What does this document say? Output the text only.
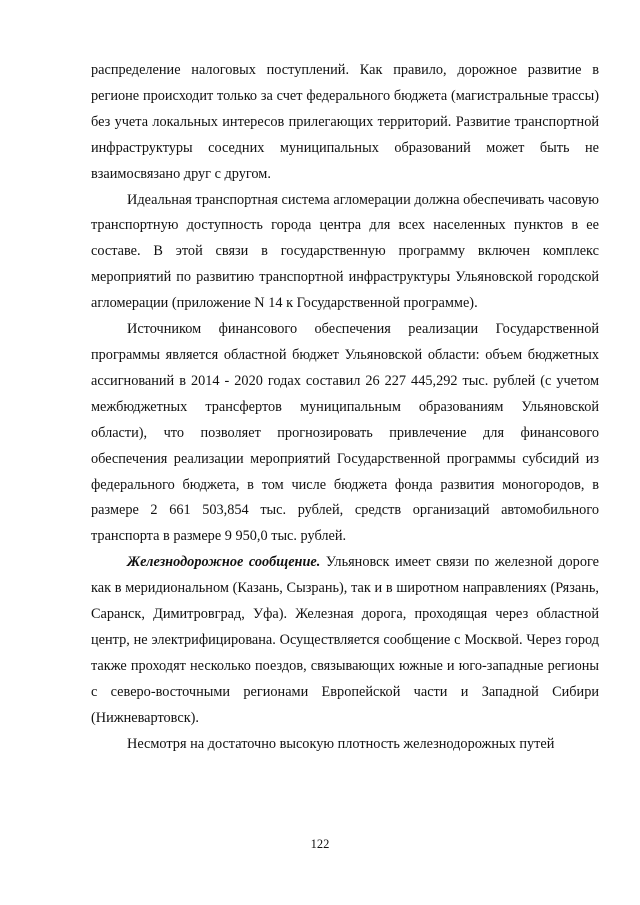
распределение налоговых поступлений. Как правило, дорожное развитие в регионе происходит только за счет федерального бюджета (магистральные трассы) без учета локальных интересов прилегающих территорий. Развитие транспортной инфраструктуры соседних муниципальных образований может быть не взаимосвязано друг с другом.

Идеальная транспортная система агломерации должна обеспечивать часовую транспортную доступность города центра для всех населенных пунктов в ее составе. В этой связи в государственную программу включен комплекс мероприятий по развитию транспортной инфраструктуры Ульяновской городской агломерации (приложение N 14 к Государственной программе).

Источником финансового обеспечения реализации Государственной программы является областной бюджет Ульяновской области: объем бюджетных ассигнований в 2014 - 2020 годах составил 26 227 445,292 тыс. рублей (с учетом межбюджетных трансфертов муниципальным образованиям Ульяновской области), что позволяет прогнозировать привлечение для финансового обеспечения реализации мероприятий Государственной программы субсидий из федерального бюджета, в том числе бюджета фонда развития моногородов, в размере 2 661 503,854 тыс. рублей, средств организаций автомобильного транспорта в размере 9 950,0 тыс. рублей.

Железнодорожное сообщение. Ульяновск имеет связи по железной дороге как в меридиональном (Казань, Сызрань), так и в широтном направлениях (Рязань, Саранск, Димитровград, Уфа). Железная дорога, проходящая через областной центр, не электрифицирована. Осуществляется сообщение с Москвой. Через город также проходят несколько поездов, связывающих южные и юго-западные регионы с северо-восточными регионами Европейской части и Западной Сибири (Нижневартовск).

Несмотря на достаточно высокую плотность железнодорожных путей

122
